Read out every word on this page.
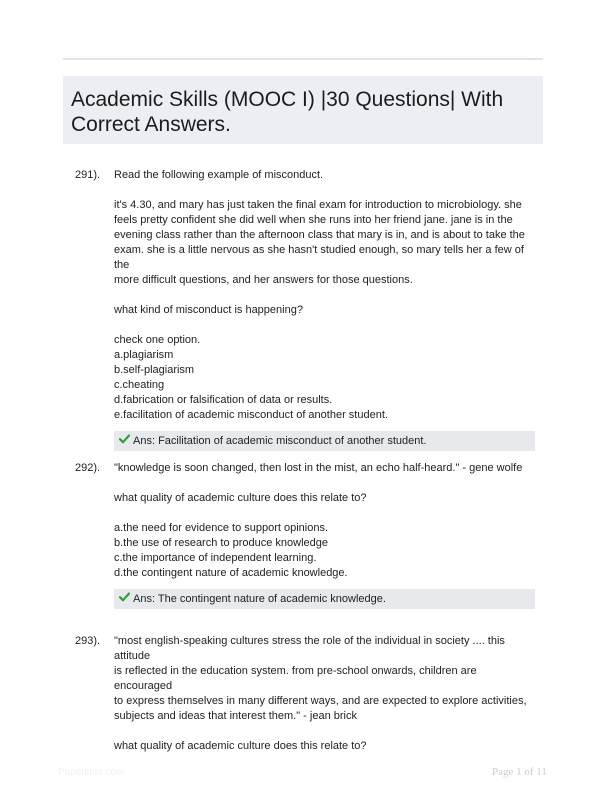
Academic Skills (MOOC I) |30 Questions| With
Correct Answers.
291).	Read the following example of misconduct.
it's 4.30, and mary has just taken the final exam for introduction to microbiology. she
feels pretty confident she did well when she runs into her friend jane. jane is in the
evening class rather than the afternoon class that mary is in, and is about to take the
exam. she is a little nervous as she hasn't studied enough, so mary tells her a few of the
more difficult questions, and her answers for those questions.
what kind of misconduct is happening?
check one option.
a.plagiarism
b.self-plagiarism
c.cheating
d.fabrication or falsification of data or results.
e.facilitation of academic misconduct of another student.
Ans: Facilitation of academic misconduct of another student.
292).	"knowledge is soon changed, then lost in the mist, an echo half-heard." - gene wolfe
what quality of academic culture does this relate to?
a.the need for evidence to support opinions.
b.the use of research to produce knowledge
c.the importance of independent learning.
d.the contingent nature of academic knowledge.
Ans: The contingent nature of academic knowledge.
293).	"most english-speaking cultures stress the role of the individual in society .... this attitude
is reflected in the education system. from pre-school onwards, children are encouraged
to express themselves in many different ways, and are expected to explore activities,
subjects and ideas that interest them." - jean brick
what quality of academic culture does this relate to?
Paperlibio.com	Page 1 of 11
